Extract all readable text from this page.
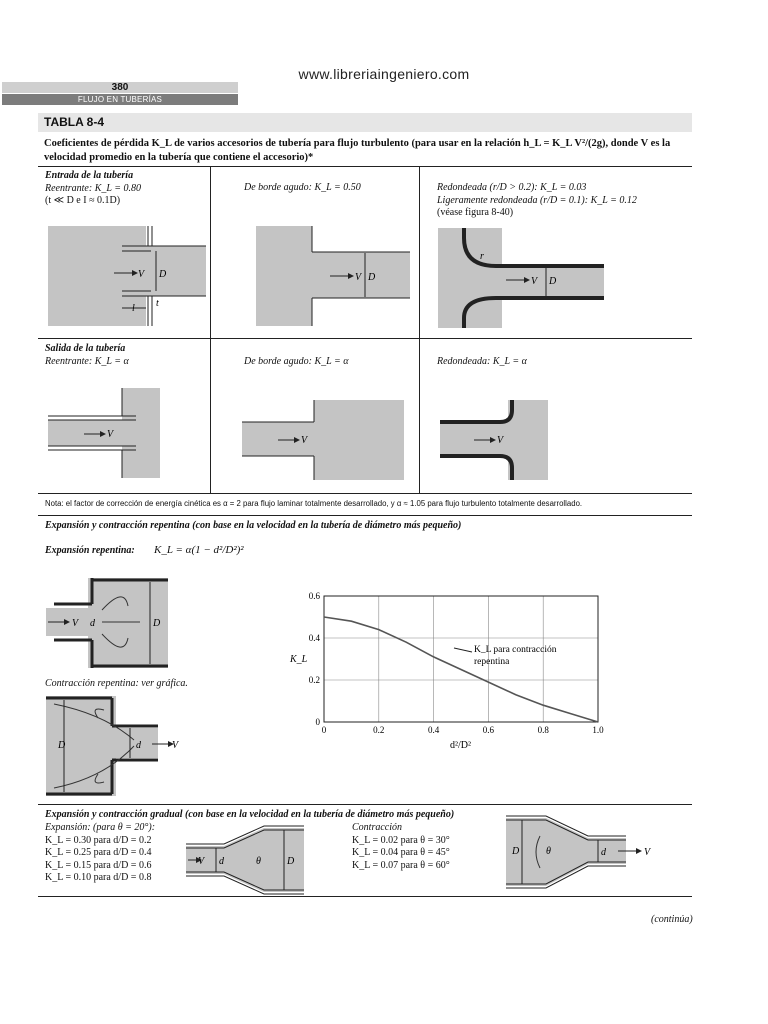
www.libreriaingeniero.com
380
FLUJO EN TUBERÍAS
TABLA 8-4
Coeficientes de pérdida K_L de varios accesorios de tubería para flujo turbulento (para usar en la relación h_L = K_L V²/(2g), donde V es la
velocidad promedio en la tubería que contiene el accesorio)*
Entrada de la tubería
Reentrante: K_L = 0.80
(t ≪ D e I ≈ 0.1D)
De borde agudo: K_L = 0.50	Redondeada (r/D > 0.2): K_L = 0.03
Ligeramente redondeada (r/D = 0.1): K_L = 0.12
(véase figura 8-40)
V D
l t
V D	V D
r
Salida de la tubería
Reentrante: K_L = α	De borde agudo: K_L = α	Redondeada: K_L = α
V
V	V
Nota: el factor de corrección de energía cinética es α = 2 para flujo laminar totalmente desarrollado, y α ≈ 1.05 para flujo turbulento totalmente desarrollado.
Expansión y contracción repentina (con base en la velocidad en la tubería de diámetro más pequeño)
Expansión repentina: K_L = α(1 − d²/D²)²
V d	D
Contracción repentina: ver gráfica.
D	d	V
0
0.2
0.4
0.6
0	0.2	0.4	0.6	0.8	1.0
K_L
d²/D²
K_L para contracción
repentina
Expansión y contracción gradual (con base en la velocidad en la tubería de diámetro más pequeño)
Expansión: (para θ = 20°):
K_L = 0.30 para d/D = 0.2
K_L = 0.25 para d/D = 0.4
K_L = 0.15 para d/D = 0.6
K_L = 0.10 para d/D = 0.8
V d	θ	D
Contracción
K_L = 0.02 para θ = 30°
K_L = 0.04 para θ = 45°
K_L = 0.07 para θ = 60°
D	θ	d	V
(continúa)
